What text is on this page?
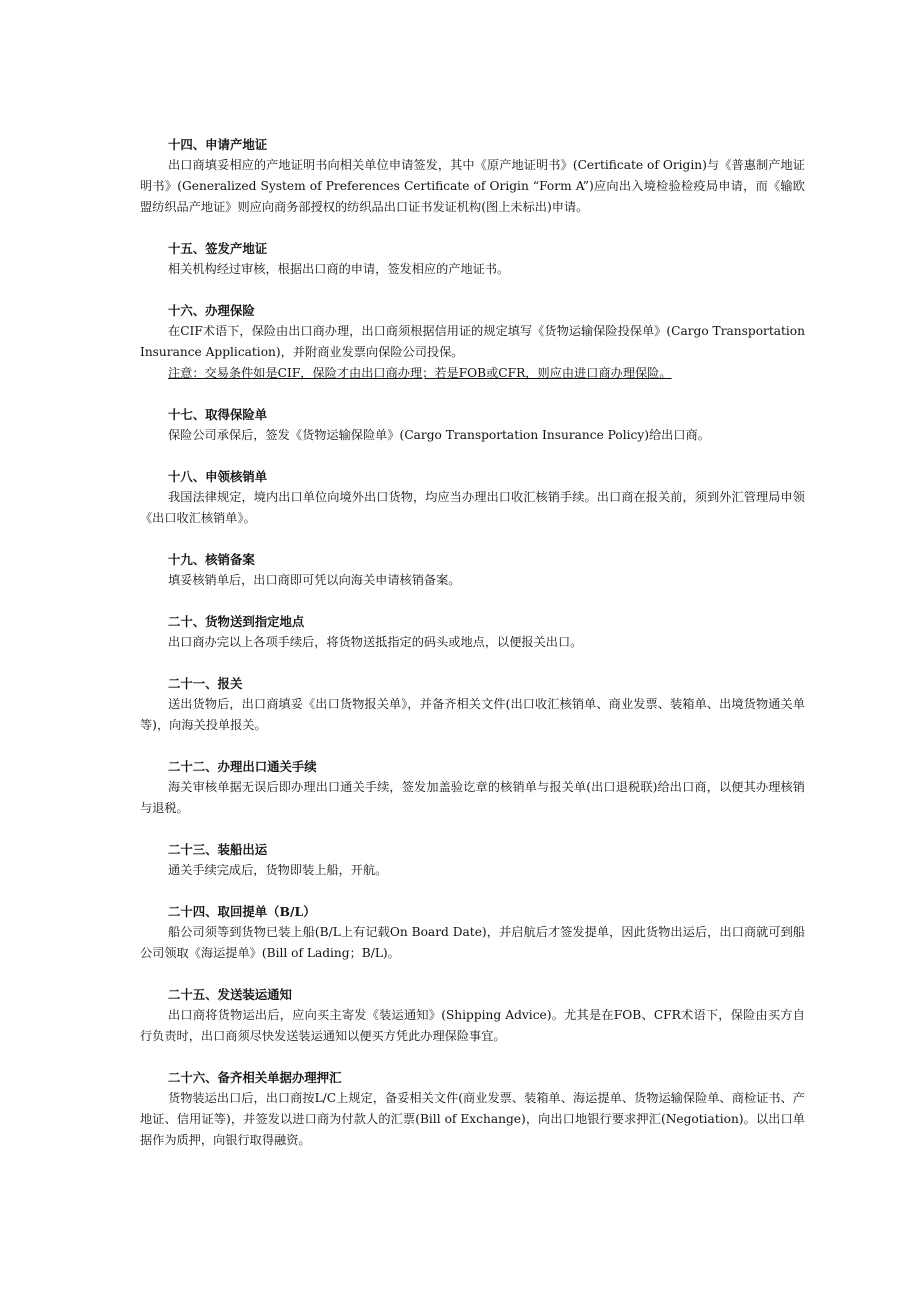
十四、申请产地证

出口商填妥相应的产地证明书向相关单位申请签发，其中《原产地证明书》(Certificate of Origin)与《普惠制产地证明书》(Generalized System of Preferences Certificate of Origin “Form A”)应向出入境检验检疫局申请，而《输欧盟纺织品产地证》则应向商务部授权的纺织品出口证书发证机构(图上未标出)申请。

十五、签发产地证

相关机构经过审核，根据出口商的申请，签发相应的产地证书。

十六、办理保险

在CIF术语下，保险由出口商办理，出口商须根据信用证的规定填写《货物运输保险投保单》(Cargo Transportation Insurance Application)，并附商业发票向保险公司投保。

注意：交易条件如是CIF，保险才由出口商办理；若是FOB或CFR，则应由进口商办理保险。

十七、取得保险单

保险公司承保后，签发《货物运输保险单》(Cargo Transportation Insurance Policy)给出口商。

十八、申领核销单

我国法律规定，境内出口单位向境外出口货物，均应当办理出口收汇核销手续。出口商在报关前，须到外汇管理局申领《出口收汇核销单》。

十九、核销备案

填妥核销单后，出口商即可凭以向海关申请核销备案。

二十、货物送到指定地点

出口商办完以上各项手续后，将货物送抵指定的码头或地点，以便报关出口。

二十一、报关

送出货物后，出口商填妥《出口货物报关单》，并备齐相关文件(出口收汇核销单、商业发票、装箱单、出境货物通关单等)，向海关投单报关。

二十二、办理出口通关手续

海关审核单据无误后即办理出口通关手续，签发加盖验讫章的核销单与报关单(出口退税联)给出口商，以便其办理核销与退税。

二十三、装船出运

通关手续完成后，货物即装上船，开航。

二十四、取回提单（B/L）

船公司须等到货物已装上船(B/L上有记载On Board Date)，并启航后才签发提单，因此货物出运后，出口商就可到船公司领取《海运提单》(Bill of Lading；B/L)。

二十五、发送装运通知

出口商将货物运出后，应向买主寄发《装运通知》(Shipping Advice)。尤其是在FOB、CFR术语下，保险由买方自行负责时，出口商须尽快发送装运通知以便买方凭此办理保险事宜。

二十六、备齐相关单据办理押汇

货物装运出口后，出口商按L/C上规定，备妥相关文件(商业发票、装箱单、海运提单、货物运输保险单、商检证书、产地证、信用证等)，并签发以进口商为付款人的汇票(Bill of Exchange)，向出口地银行要求押汇(Negotiation)。以出口单据作为质押，向银行取得融资。
